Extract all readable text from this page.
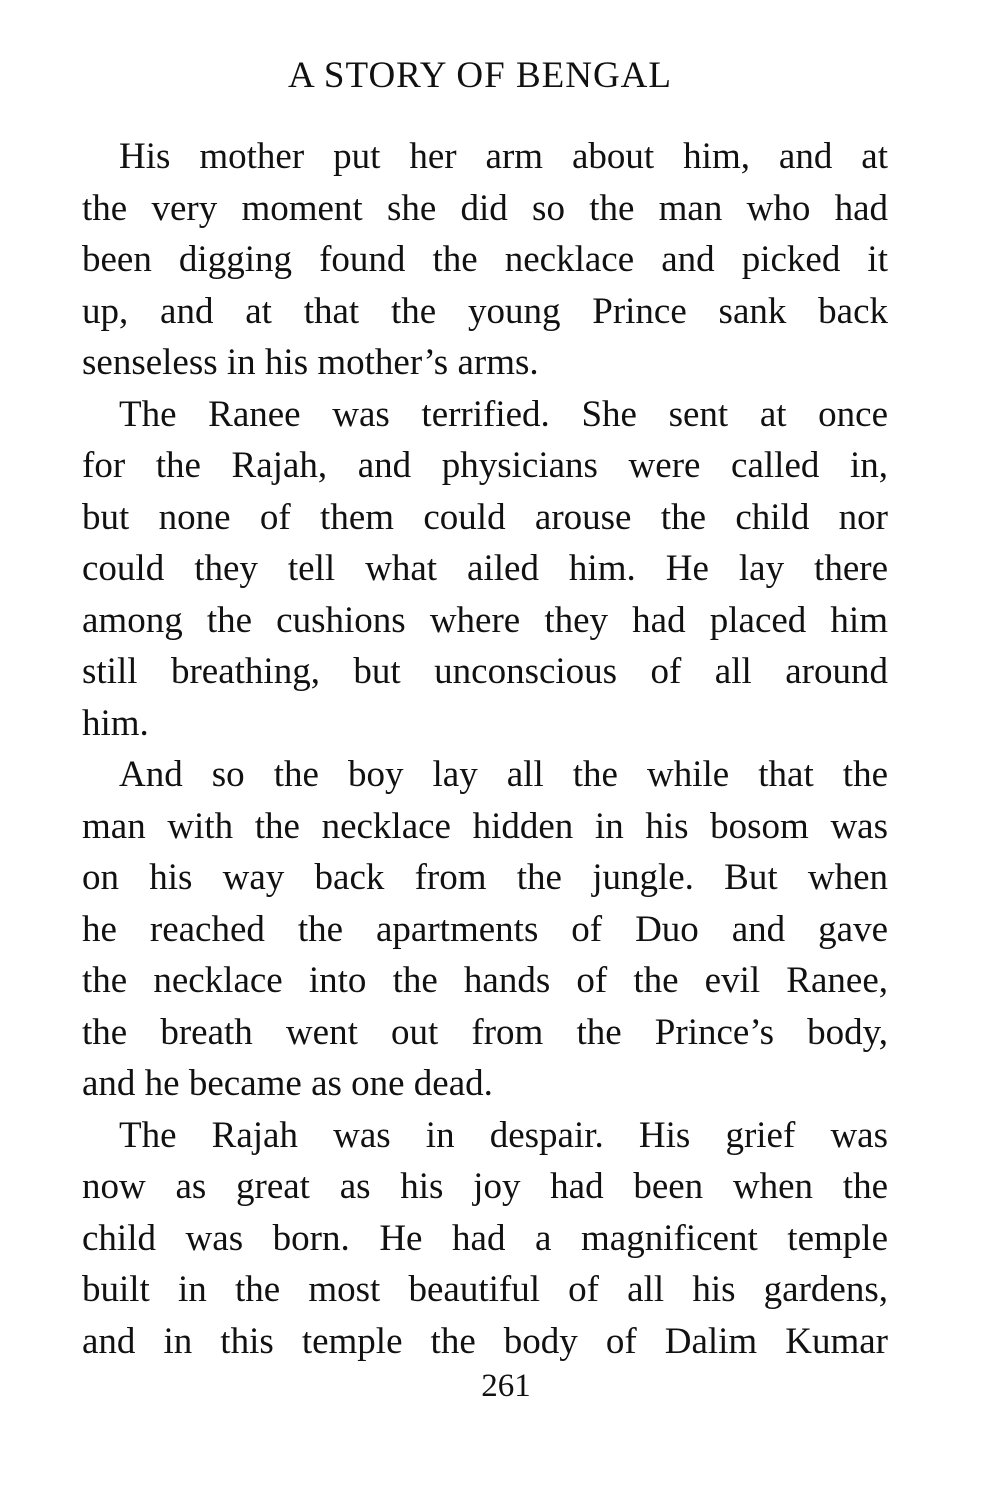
A STORY OF BENGAL
His mother put her arm about him, and at
the very moment she did so the man who had
been digging found the necklace and picked it
up, and at that the young Prince sank back
senseless in his mother’s arms.
The Ranee was terrified. She sent at once
for the Rajah, and physicians were called in,
but none of them could arouse the child nor
could they tell what ailed him. He lay there
among the cushions where they had placed him
still breathing, but unconscious of all around
him.
And so the boy lay all the while that the
man with the necklace hidden in his bosom was
on his way back from the jungle. But when
he reached the apartments of Duo and gave
the necklace into the hands of the evil Ranee,
the breath went out from the Prince’s body,
and he became as one dead.
The Rajah was in despair. His grief was
now as great as his joy had been when the
child was born. He had a magnificent temple
built in the most beautiful of all his gardens,
and in this temple the body of Dalim Kumar
261
